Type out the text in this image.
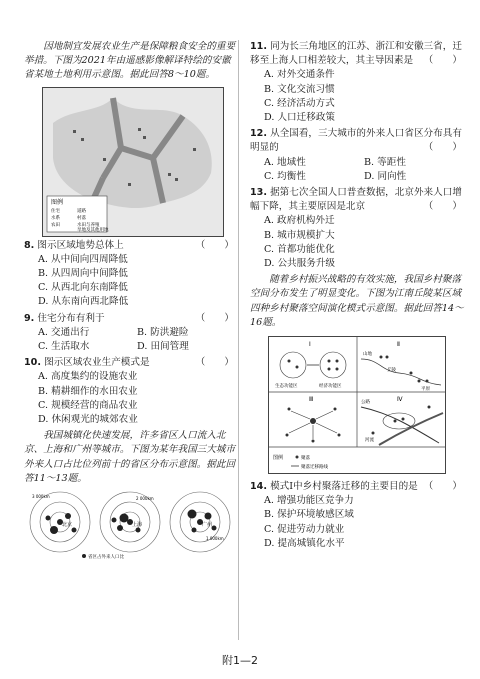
因地制宜发展农业生产是保障粮食安全的重要举措。下图为2021年由遥感影像解译特绘的安徽省某地土地利用示意图。据此回答8～10题。

图例
住宅	道路
水系	村落
农田	水田与养殖
旱地及其他用地
8. 图示区域地势总体上	（　　）

A. 从中间向四周降低

B. 从四周向中间降低

C. 从西北向东南降低

D. 从东南向西北降低

9. 住宅分布有利于	（　　）
A. 交通出行	B. 防洪避险
C. 生活取水	D. 田间管理
10. 图示区域农业生产模式是	（　　）

A. 高度集约的设施农业

B. 精耕细作的水田农业

C. 规模经营的商品农业

D. 休闲观光的城郊农业

我国城镇化快速发展，许多省区人口流入北京、上海和广州等城市。下图为某年我国三大城市外来人口占比位列前十的省区分布示意图。据此回答11～13题。

北京
3 000km
上海
2 000km
广州
1 000km
省区占外来人口比
11. 同为长三角地区的江苏、浙江和安徽三省，迁移至上海人口相差较大，其主导因素是 （　　）

A. 对外交通条件

B. 文化交流习惯

C. 经济活动方式

D. 人口迁移政策

12. 从全国看，三大城市的外来人口省区分布具有明显的	（　　）
A. 地域性	B. 等距性
C. 均衡性	D. 同向性
13. 据第七次全国人口普查数据，北京外来人口增幅下降，其主要原因是北京	（　　）

A. 政府机构外迁

B. 城市规模扩大

C. 首都功能优化

D. 公共服务升级

随着乡村振兴战略的有效实施，我国乡村聚落空间分布发生了明显变化。下图为江南丘陵某区域四种乡村聚落空间演化模式示意图。据此回答14～16题。

Ⅰ
生态功能区	经济功能区
Ⅱ
山地
丘陵
平原
Ⅲ	Ⅳ
公路
河流
图例	聚落
聚落迁移路线
14. 模式Ⅰ中乡村聚落迁移的主要目的是 （　　）

A. 增强功能区竞争力

B. 保护环境敏感区域

C. 促进劳动力就业

D. 提高城镇化水平

附1—2
